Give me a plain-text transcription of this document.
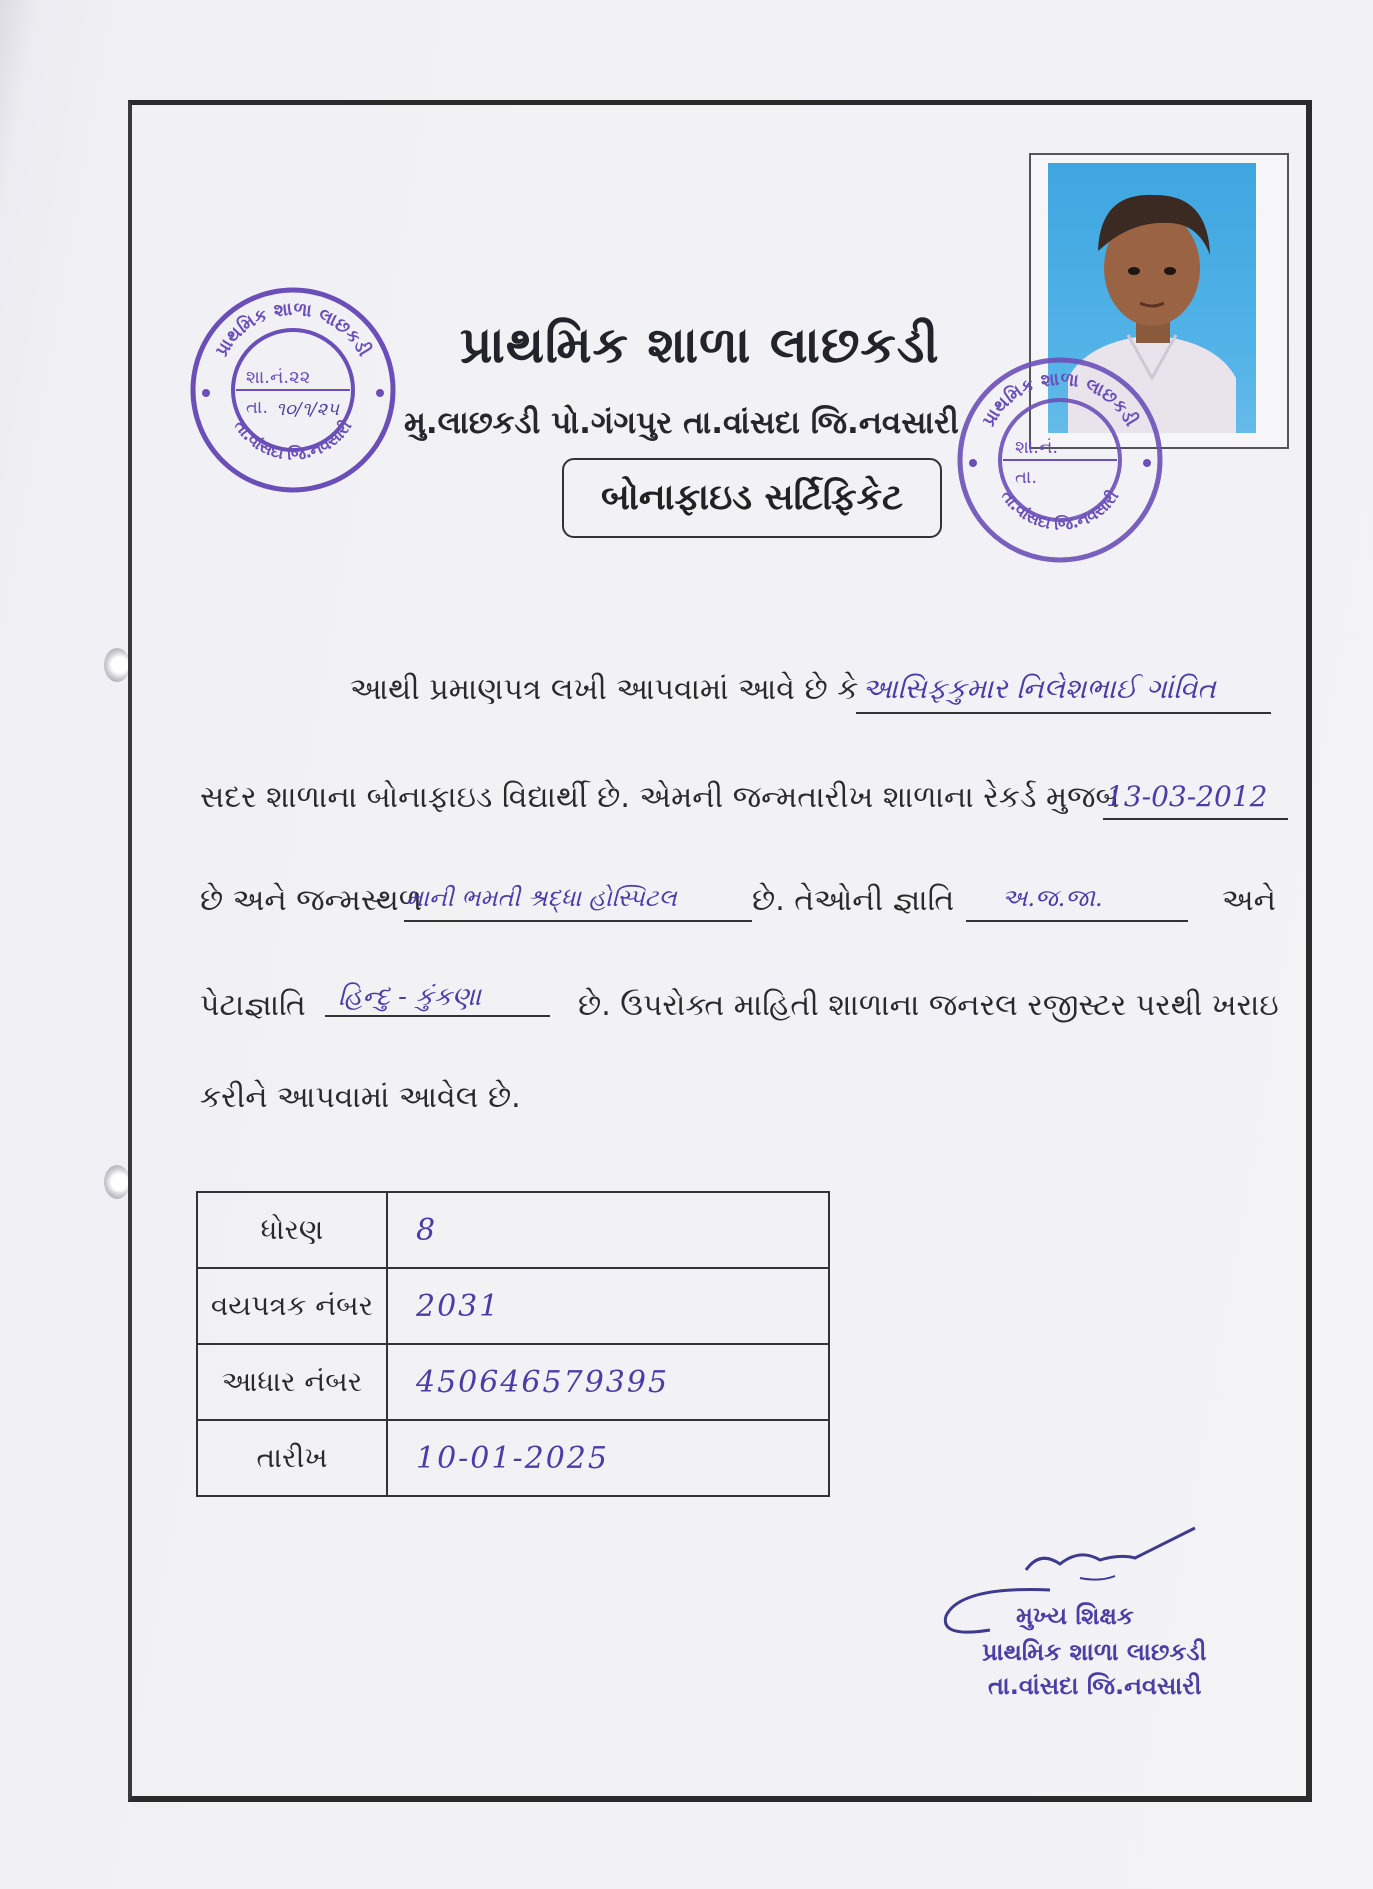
પ્રાથમિક શાળા લાછકડી
તા.વાંસદા જિ.નવસારી
શા.નં.૨૨
તા. ૧૦/૧/૨૫
પ્રાથમિક શાળા લાછકડી
મુ.લાછકડી પો.ગંગપુર તા.વાંસદા જિ.નવસારી
બોનાફાઇડ સર્ટિફિકેટ
પ્રાથમિક શાળા લાછકડી
તા.વાંસદા જિ.નવસારી
શા.નં.
તા.
આથી પ્રમાણપત્ર લખી આપવામાં આવે છે કે આસિફકુમાર નિલેશભાઈ ગાંવિત
સદર શાળાના બોનાફાઇડ વિદ્યાર્થી છે. એમની જન્મતારીખ શાળાના રેકર્ડ મુજબ
13-03-2012
છે અને જન્મસ્થળ
માની ભમતી શ્રદ્ધા હોસ્પિટલ	છે. તેઓની જ્ઞાતિ અ.જ.જા.	અને
પેટાજ્ઞાતિ હિન્દુ - કુંકણા	છે. ઉપરોક્ત માહિતી શાળાના જનરલ રજીસ્ટર પરથી ખરાઇ
કરીને આપવામાં આવેલ છે.
ધોરણ	8
વયપત્રક નંબર	2031
આધાર નંબર	450646579395
તારીખ	10-01-2025
મુખ્ય શિક્ષક
પ્રાથમિક શાળા લાછકડી
તા.વાંસદા જિ.નવસારી
